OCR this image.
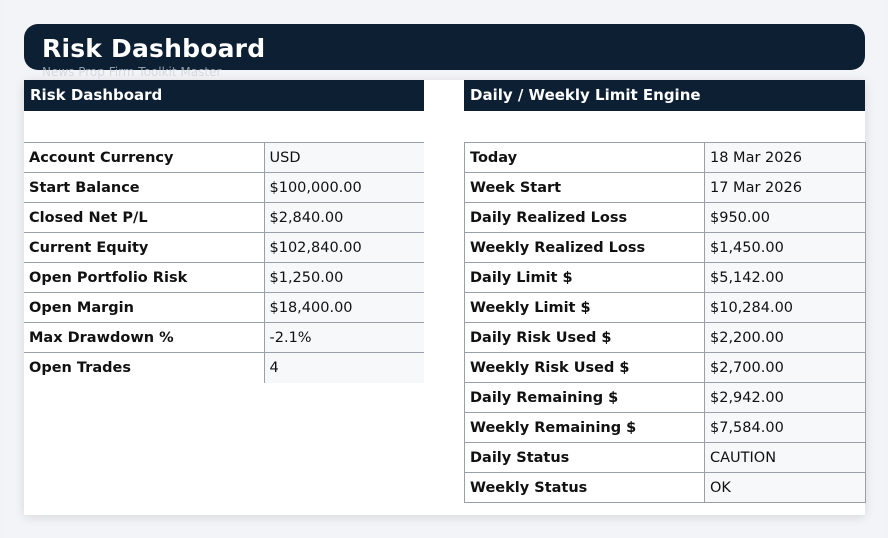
Risk Dashboard
News Prop Firm Toolkit Master
Risk Dashboard
Account Currency	USD
Start Balance	$100,000.00
Closed Net P/L	$2,840.00
Current Equity	$102,840.00
Open Portfolio Risk	$1,250.00
Open Margin	$18,400.00
Max Drawdown %	-2.1%
Open Trades	4
Daily / Weekly Limit Engine
Today	18 Mar 2026
Week Start	17 Mar 2026
Daily Realized Loss	$950.00
Weekly Realized Loss	$1,450.00
Daily Limit $	$5,142.00
Weekly Limit $	$10,284.00
Daily Risk Used $	$2,200.00
Weekly Risk Used $	$2,700.00
Daily Remaining $	$2,942.00
Weekly Remaining $	$7,584.00
Daily Status	CAUTION
Weekly Status	OK
